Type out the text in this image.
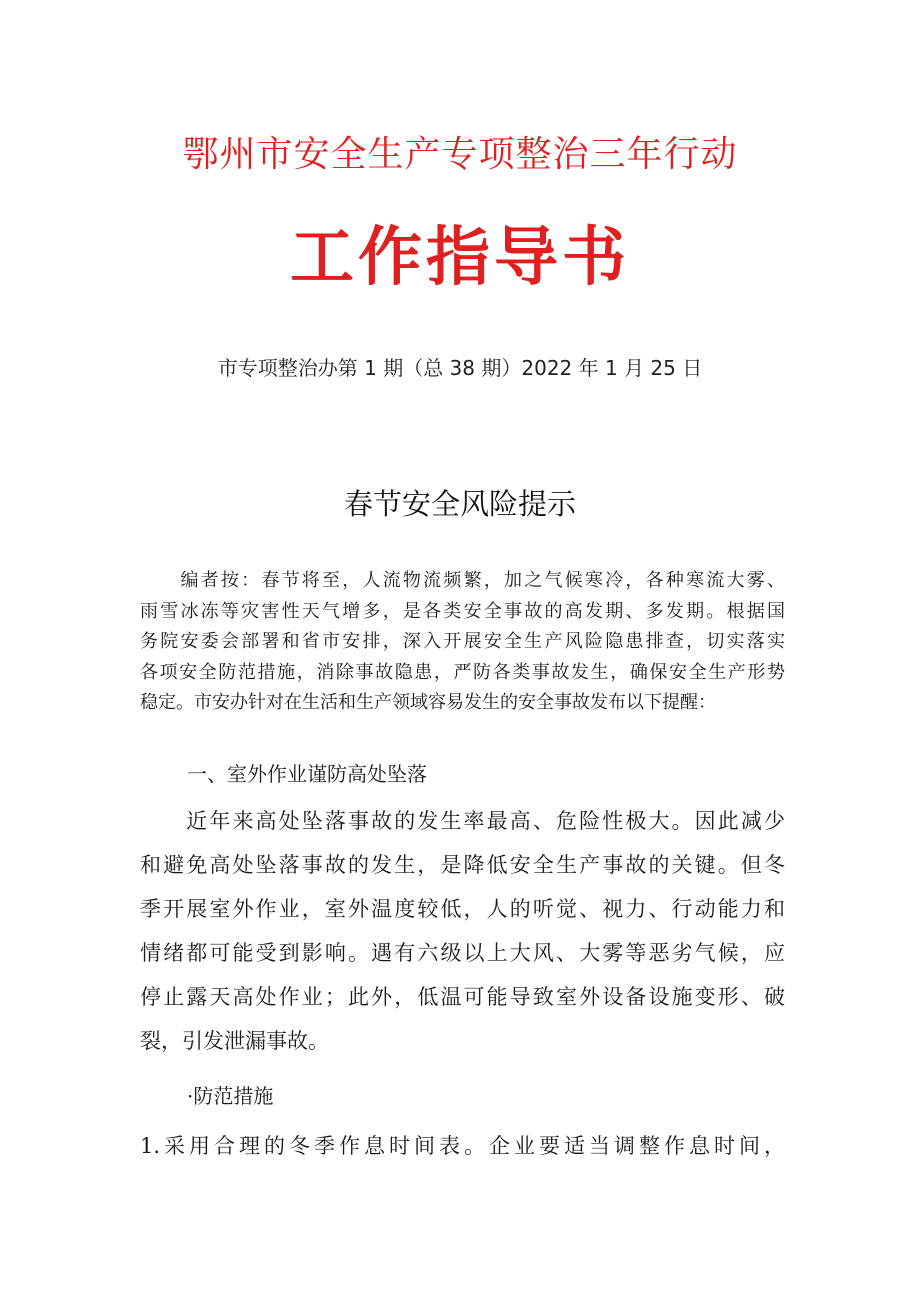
鄂州市安全生产专项整治三年行动
工作指导书
市专项整治办第 1 期（总 38 期）2022 年 1 月 25 日
春节安全风险提示
　　编者按：春节将至，人流物流频繁，加之气候寒冷，各种寒流大雾、
雨雪冰冻等灾害性天气增多，是各类安全事故的高发期、多发期。根据国
务院安委会部署和省市安排，深入开展安全生产风险隐患排查，切实落实
各项安全防范措施，消除事故隐患，严防各类事故发生，确保安全生产形势
稳定。市安办针对在生活和生产领域容易发生的安全事故发布以下提醒：
一、室外作业谨防高处坠落
　　近年来高处坠落事故的发生率最高、危险性极大。因此减少
和避免高处坠落事故的发生，是降低安全生产事故的关键。但冬
季开展室外作业，室外温度较低，人的听觉、视力、行动能力和
情绪都可能受到影响。遇有六级以上大风、大雾等恶劣气候，应
停止露天高处作业；此外，低温可能导致室外设备设施变形、破
裂，引发泄漏事故。
·防范措施
1.采用合理的冬季作息时间表。企业要适当调整作息时间，
